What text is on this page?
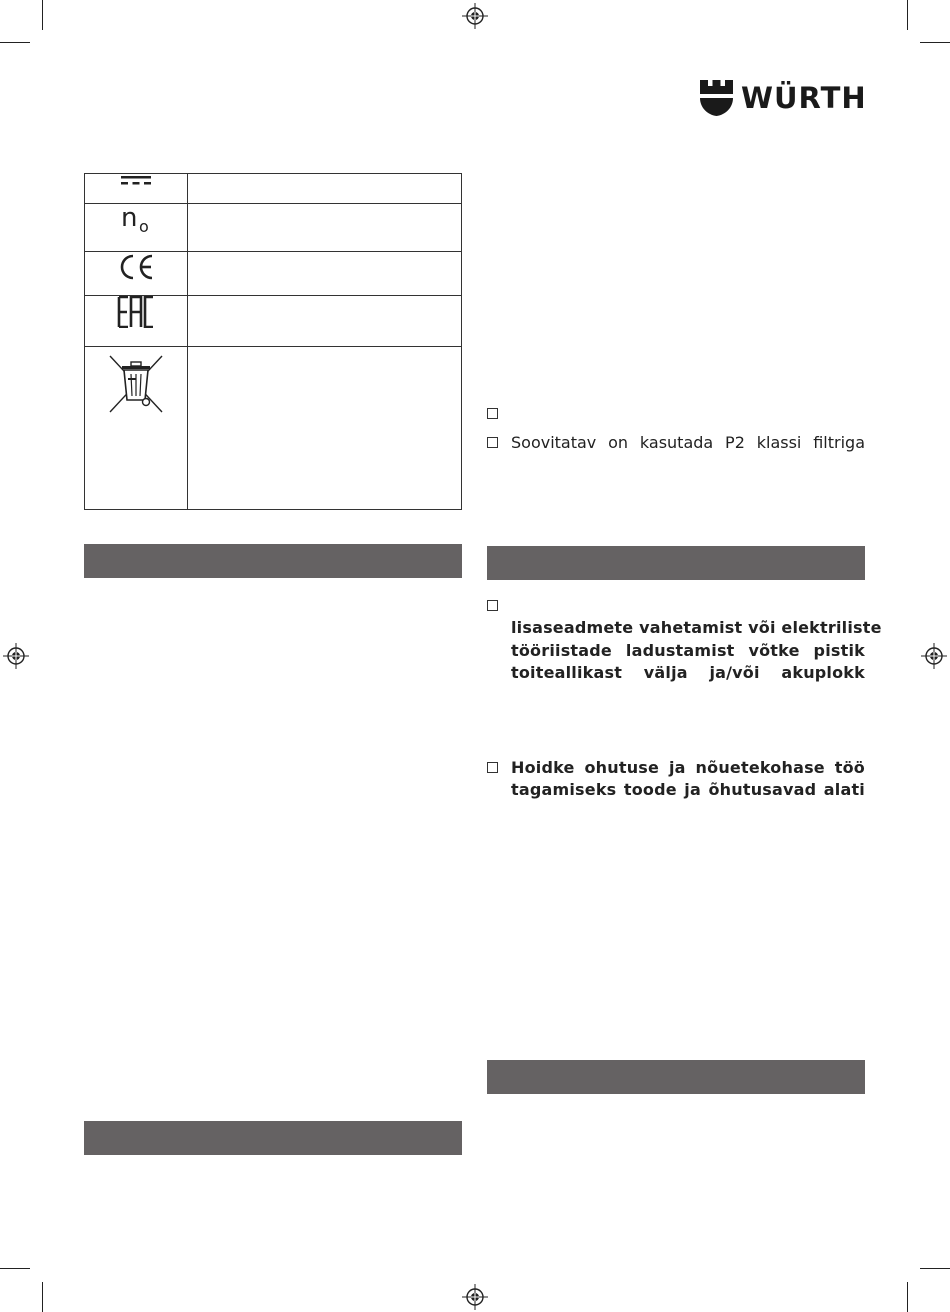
WÜRTH

n o	

Soovitatav on kasutada P2 klassi filtriga
lisaseadmete vahetamist või elektriliste
tööriistade ladustamist võtke pistik
toiteallikast välja ja/või akuplokk
Hoidke ohutuse ja nõuetekohase töö
tagamiseks toode ja õhutusavad alati
